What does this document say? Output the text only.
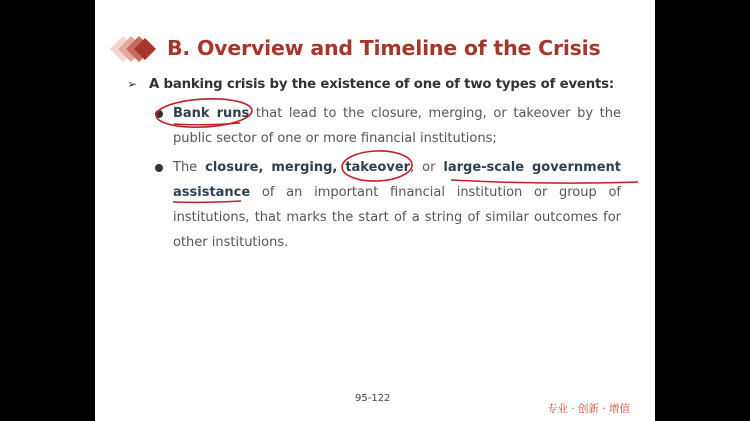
B. Overview and Timeline of the Crisis
➢ A banking crisis by the existence of one of two types of events:
Bank runs that lead to the closure, merging, or takeover by the public sector of one or more financial institutions;
The closure, merging, takeover, or large-scale government
assistance of an important financial institution or group of institutions, that marks the start of a string of similar outcomes for other institutions.
95-122
专业 · 创新 · 增值
